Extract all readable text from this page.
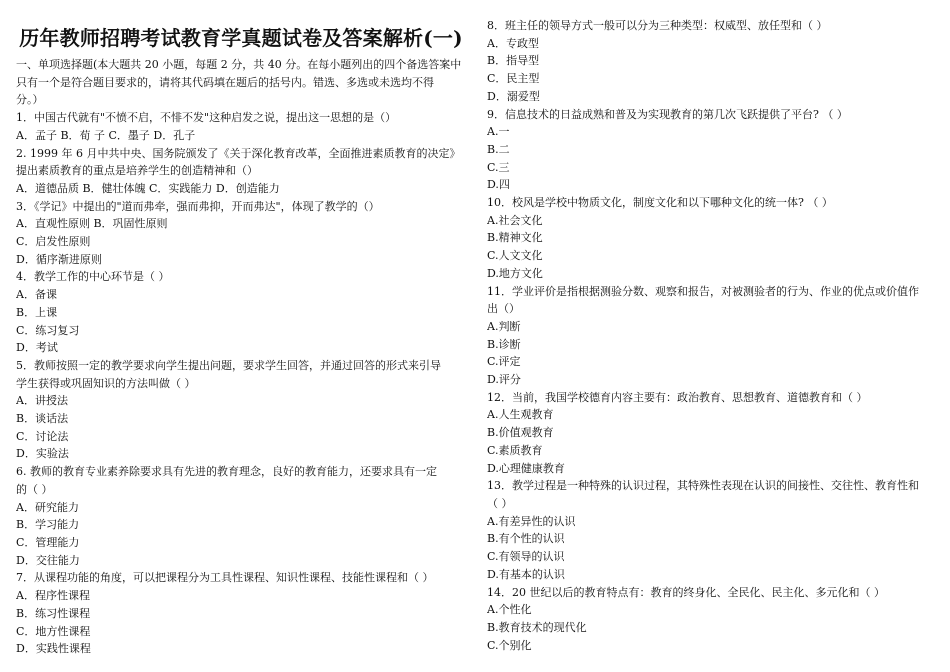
历年教师招聘考试教育学真题试卷及答案解析(一)
一、单项选择题(本大题共 20 小题，每题 2 分，共 40 分。在每小题列出的四个备选答案中
只有一个是符合题目要求的，请将其代码填在题后的括号内。错选、多选或未选均不得
分。）
1．中国古代就有"不愤不启，不悱不发"这种启发之说，提出这一思想的是（）
A．孟子 B．荀 子 C．墨子 D．孔子
2. 1999 年 6 月中共中央、国务院颁发了《关于深化教育改革，全面推进素质教育的决定》
提出素质教育的重点是培养学生的创造精神和（）
A．道德品质 B．健壮体魄 C．实践能力 D．创造能力
3．《学记》中提出的"道而弗牵，强而弗抑，开而弗达"，体现了教学的（）
A．直观性原则 B．巩固性原则
C．启发性原则
D．循序渐进原则
4．教学工作的中心环节是（ ）
A．备课
B．上课
C．练习复习
D．考试
5．教师按照一定的教学要求向学生提出问题，要求学生回答，并通过回答的形式来引导
学生获得或巩固知识的方法叫做（ ）
A．讲授法
B．谈话法
C．讨论法
D．实验法
6. 教师的教育专业素养除要求具有先进的教育理念，良好的教育能力，还要求具有一定
的（ ）
A．研究能力
B．学习能力
C．管理能力
D．交往能力
7．从课程功能的角度，可以把课程分为工具性课程、知识性课程、技能性课程和（ ）
A．程序性课程
B．练习性课程
C．地方性课程
D．实践性课程
8．班主任的领导方式一般可以分为三种类型：权威型、放任型和（ ）
A．专政型
B．指导型
C．民主型
D．溺爱型
9．信息技术的日益成熟和普及为实现教育的第几次飞跃提供了平台? （ ）
A.一
B.二
C.三
D.四
10．校风是学校中物质文化，制度文化和以下哪种文化的统一体? （ ）
A.社会文化
B.精神文化
C.人文文化
D.地方文化
11．学业评价是指根据测验分数、观察和报告，对被测验者的行为、作业的优点或价值作
出（）
A.判断
B.诊断
C.评定
D.评分
12．当前，我国学校德育内容主要有：政治教育、思想教育、道德教育和（ ）
A.人生观教育
B.价值观教育
C.素质教育
D.心理健康教育
13．教学过程是一种特殊的认识过程，其特殊性表现在认识的间接性、交往性、教育性和
（ ）
A.有差异性的认识
B.有个性的认识
C.有领导的认识
D.有基本的认识
14．20 世纪以后的教育特点有：教育的终身化、全民化、民主化、多元化和（ ）
A.个性化
B.教育技术的现代化
C.个别化
